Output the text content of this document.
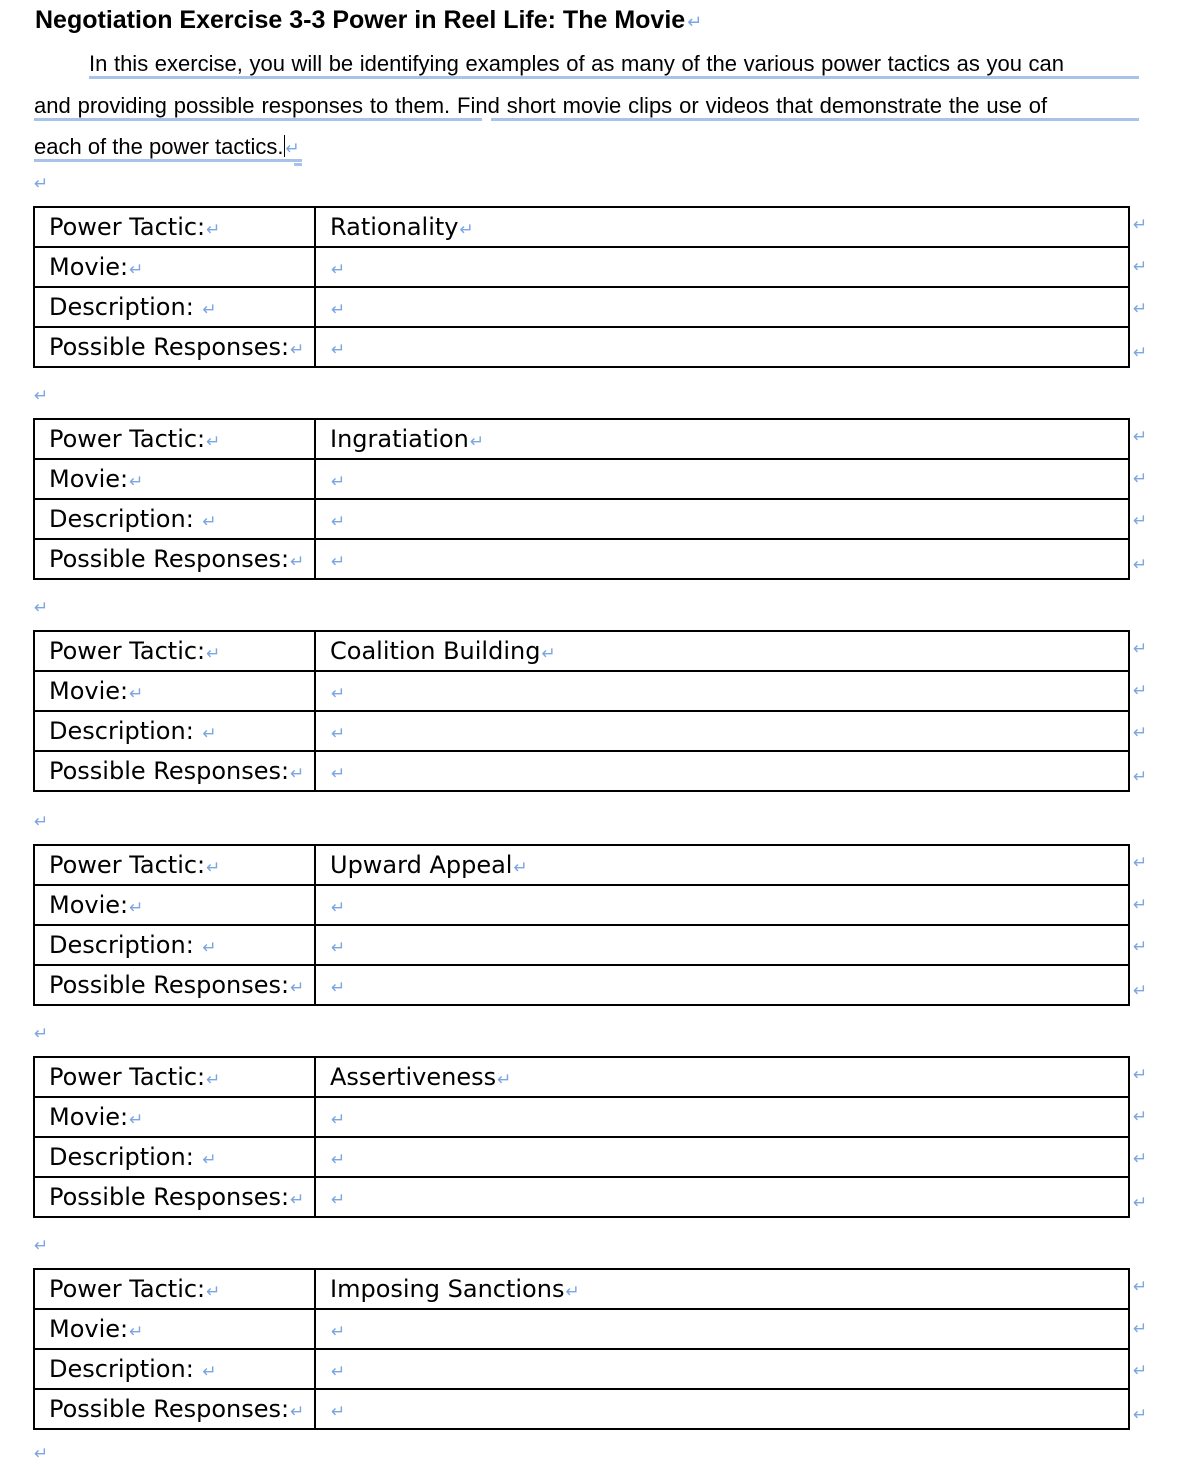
Negotiation Exercise 3-3 Power in Reel Life: The Movie ↵
In this exercise, you will be identifying examples of as many of the various power tactics as you can
and providing possible responses to them. Find short movie clips or videos that demonstrate the use of
each of the power tactics. ↵
↵
Power Tactic:↵	Rationality↵
Movie:↵	↵
Description: ↵	↵
Possible Responses:↵	↵
↵
↵
↵
↵
↵
Power Tactic:↵	Ingratiation↵
Movie:↵	↵
Description: ↵	↵
Possible Responses:↵	↵
↵
↵
↵
↵
↵
Power Tactic:↵	Coalition Building↵
Movie:↵	↵
Description: ↵	↵
Possible Responses:↵	↵
↵
↵
↵
↵
↵
Power Tactic:↵	Upward Appeal↵
Movie:↵	↵
Description: ↵	↵
Possible Responses:↵	↵
↵
↵
↵
↵
↵
Power Tactic:↵	Assertiveness↵
Movie:↵	↵
Description: ↵	↵
Possible Responses:↵	↵
↵
↵
↵
↵
↵
Power Tactic:↵	Imposing Sanctions↵
Movie:↵	↵
Description: ↵	↵
Possible Responses:↵	↵
↵
↵
↵
↵
↵
